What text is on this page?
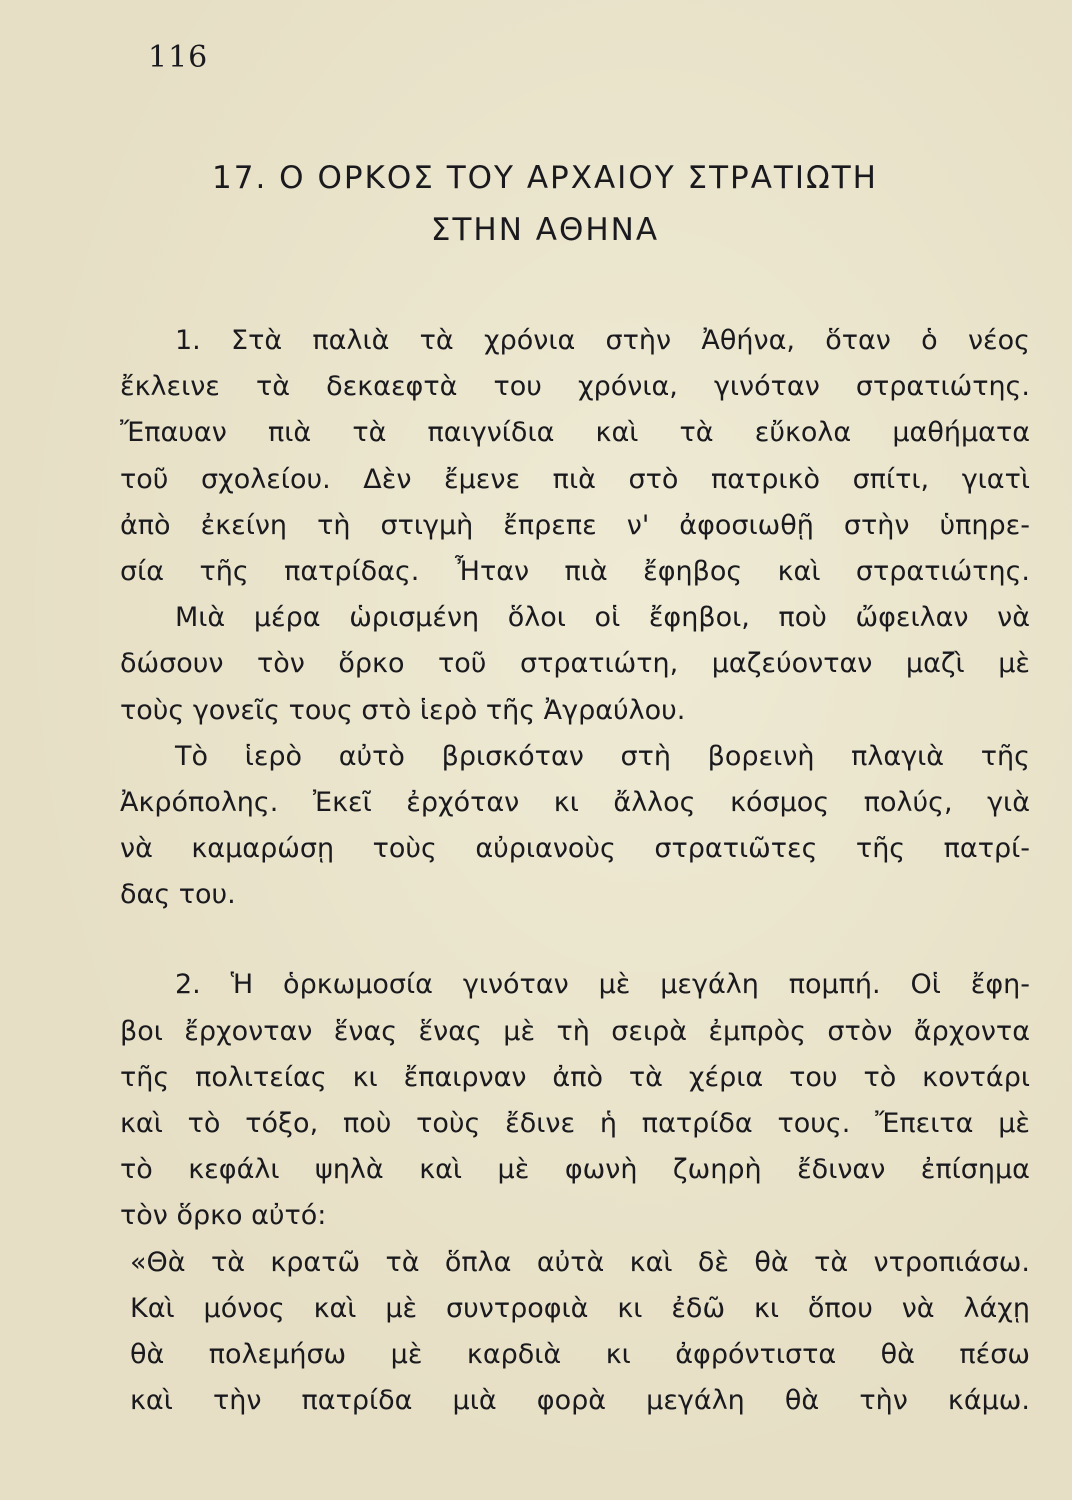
116
17. Ο ΟΡΚΟΣ ΤΟΥ ΑΡΧΑΙΟΥ ΣΤΡΑΤΙΩΤΗ
ΣΤΗΝ ΑΘΗΝΑ
1. Στὰ παλιὰ τὰ χρόνια στὴν Ἀθήνα, ὅταν ὁ νέος
ἔκλεινε τὰ δεκαεφτὰ του χρόνια, γινόταν στρατιώτης.
Ἔπαυαν πιὰ τὰ παιγνίδια καὶ τὰ εὔκολα μαθήματα
τοῦ σχολείου. Δὲν ἔμενε πιὰ στὸ πατρικὸ σπίτι, γιατὶ
ἀπὸ ἐκείνη τὴ στιγμὴ ἔπρεπε ν' ἀφοσιωθῇ στὴν ὑπηρε-
σία τῆς πατρίδας. Ἦταν πιὰ ἔφηβος καὶ στρατιώτης.
Μιὰ μέρα ὡρισμένη ὅλοι οἱ ἔφηβοι, ποὺ ὤφειλαν νὰ
δώσουν τὸν ὅρκο τοῦ στρατιώτη, μαζεύονταν μαζὶ μὲ
τοὺς γονεῖς τους στὸ ἱερὸ τῆς Ἀγραύλου.
Τὸ ἱερὸ αὐτὸ βρισκόταν στὴ βορεινὴ πλαγιὰ τῆς
Ἀκρόπολης. Ἐκεῖ ἐρχόταν κι ἄλλος κόσμος πολύς, γιὰ
νὰ καμαρώσῃ τοὺς αὐριανοὺς στρατιῶτες τῆς πατρί-
δας του.
2. Ἡ ὁρκωμοσία γινόταν μὲ μεγάλη πομπή. Οἱ ἔφη-
βοι ἔρχονταν ἕνας ἕνας μὲ τὴ σειρὰ ἐμπρὸς στὸν ἄρχοντα
τῆς πολιτείας κι ἔπαιρναν ἀπὸ τὰ χέρια του τὸ κοντάρι
καὶ τὸ τόξο, ποὺ τοὺς ἔδινε ἡ πατρίδα τους. Ἔπειτα μὲ
τὸ κεφάλι ψηλὰ καὶ μὲ φωνὴ ζωηρὴ ἔδιναν ἐπίσημα
τὸν ὅρκο αὐτό:
«Θὰ τὰ κρατῶ τὰ ὅπλα αὐτὰ καὶ δὲ θὰ τὰ ντροπιάσω.
Καὶ μόνος καὶ μὲ συντροφιὰ κι ἐδῶ κι ὅπου νὰ λάχῃ
θὰ πολεμήσω μὲ καρδιὰ κι ἀφρόντιστα θὰ πέσω
καὶ τὴν πατρίδα μιὰ φορὰ μεγάλη θὰ τὴν κάμω.
